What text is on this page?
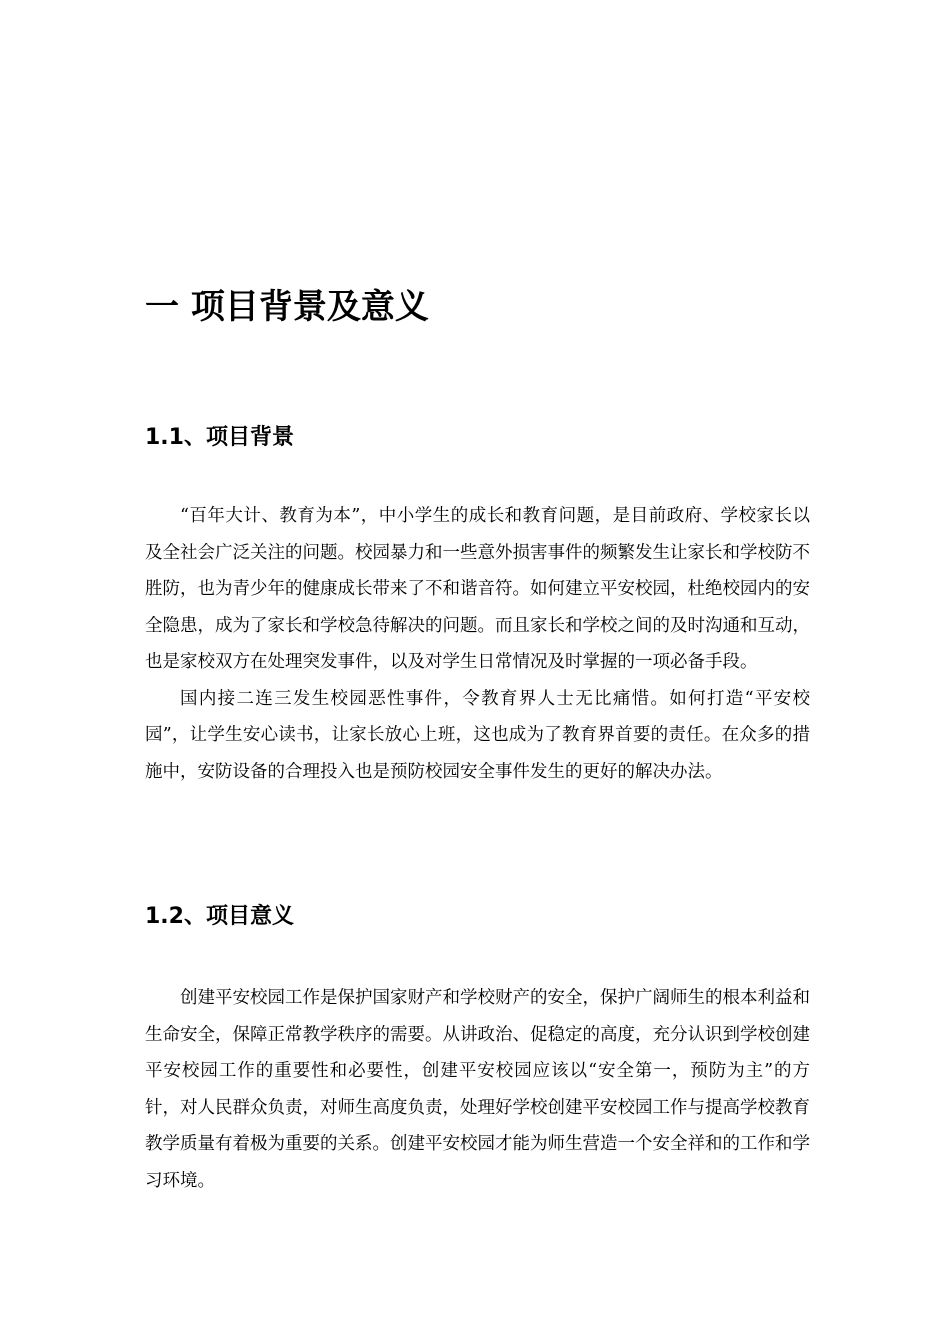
一 项目背景及意义
1.1、项目背景

“百年大计、教育为本”，中小学生的成长和教育问题，是目前政府、学校家长以及全社会广泛关注的问题。校园暴力和一些意外损害事件的频繁发生让家长和学校防不胜防，也为青少年的健康成长带来了不和谐音符。如何建立平安校园，杜绝校园内的安全隐患，成为了家长和学校急待解决的问题。而且家长和学校之间的及时沟通和互动，也是家校双方在处理突发事件，以及对学生日常情况及时掌握的一项必备手段。

国内接二连三发生校园恶性事件，令教育界人士无比痛惜。如何打造“平安校园”，让学生安心读书，让家长放心上班，这也成为了教育界首要的责任。在众多的措施中，安防设备的合理投入也是预防校园安全事件发生的更好的解决办法。

1.2、项目意义

创建平安校园工作是保护国家财产和学校财产的安全，保护广阔师生的根本利益和生命安全，保障正常教学秩序的需要。从讲政治、促稳定的高度，充分认识到学校创建平安校园工作的重要性和必要性，创建平安校园应该以“安全第一，预防为主”的方针，对人民群众负责，对师生高度负责，处理好学校创建平安校园工作与提高学校教育教学质量有着极为重要的关系。创建平安校园才能为师生营造一个安全祥和的工作和学习环境。
